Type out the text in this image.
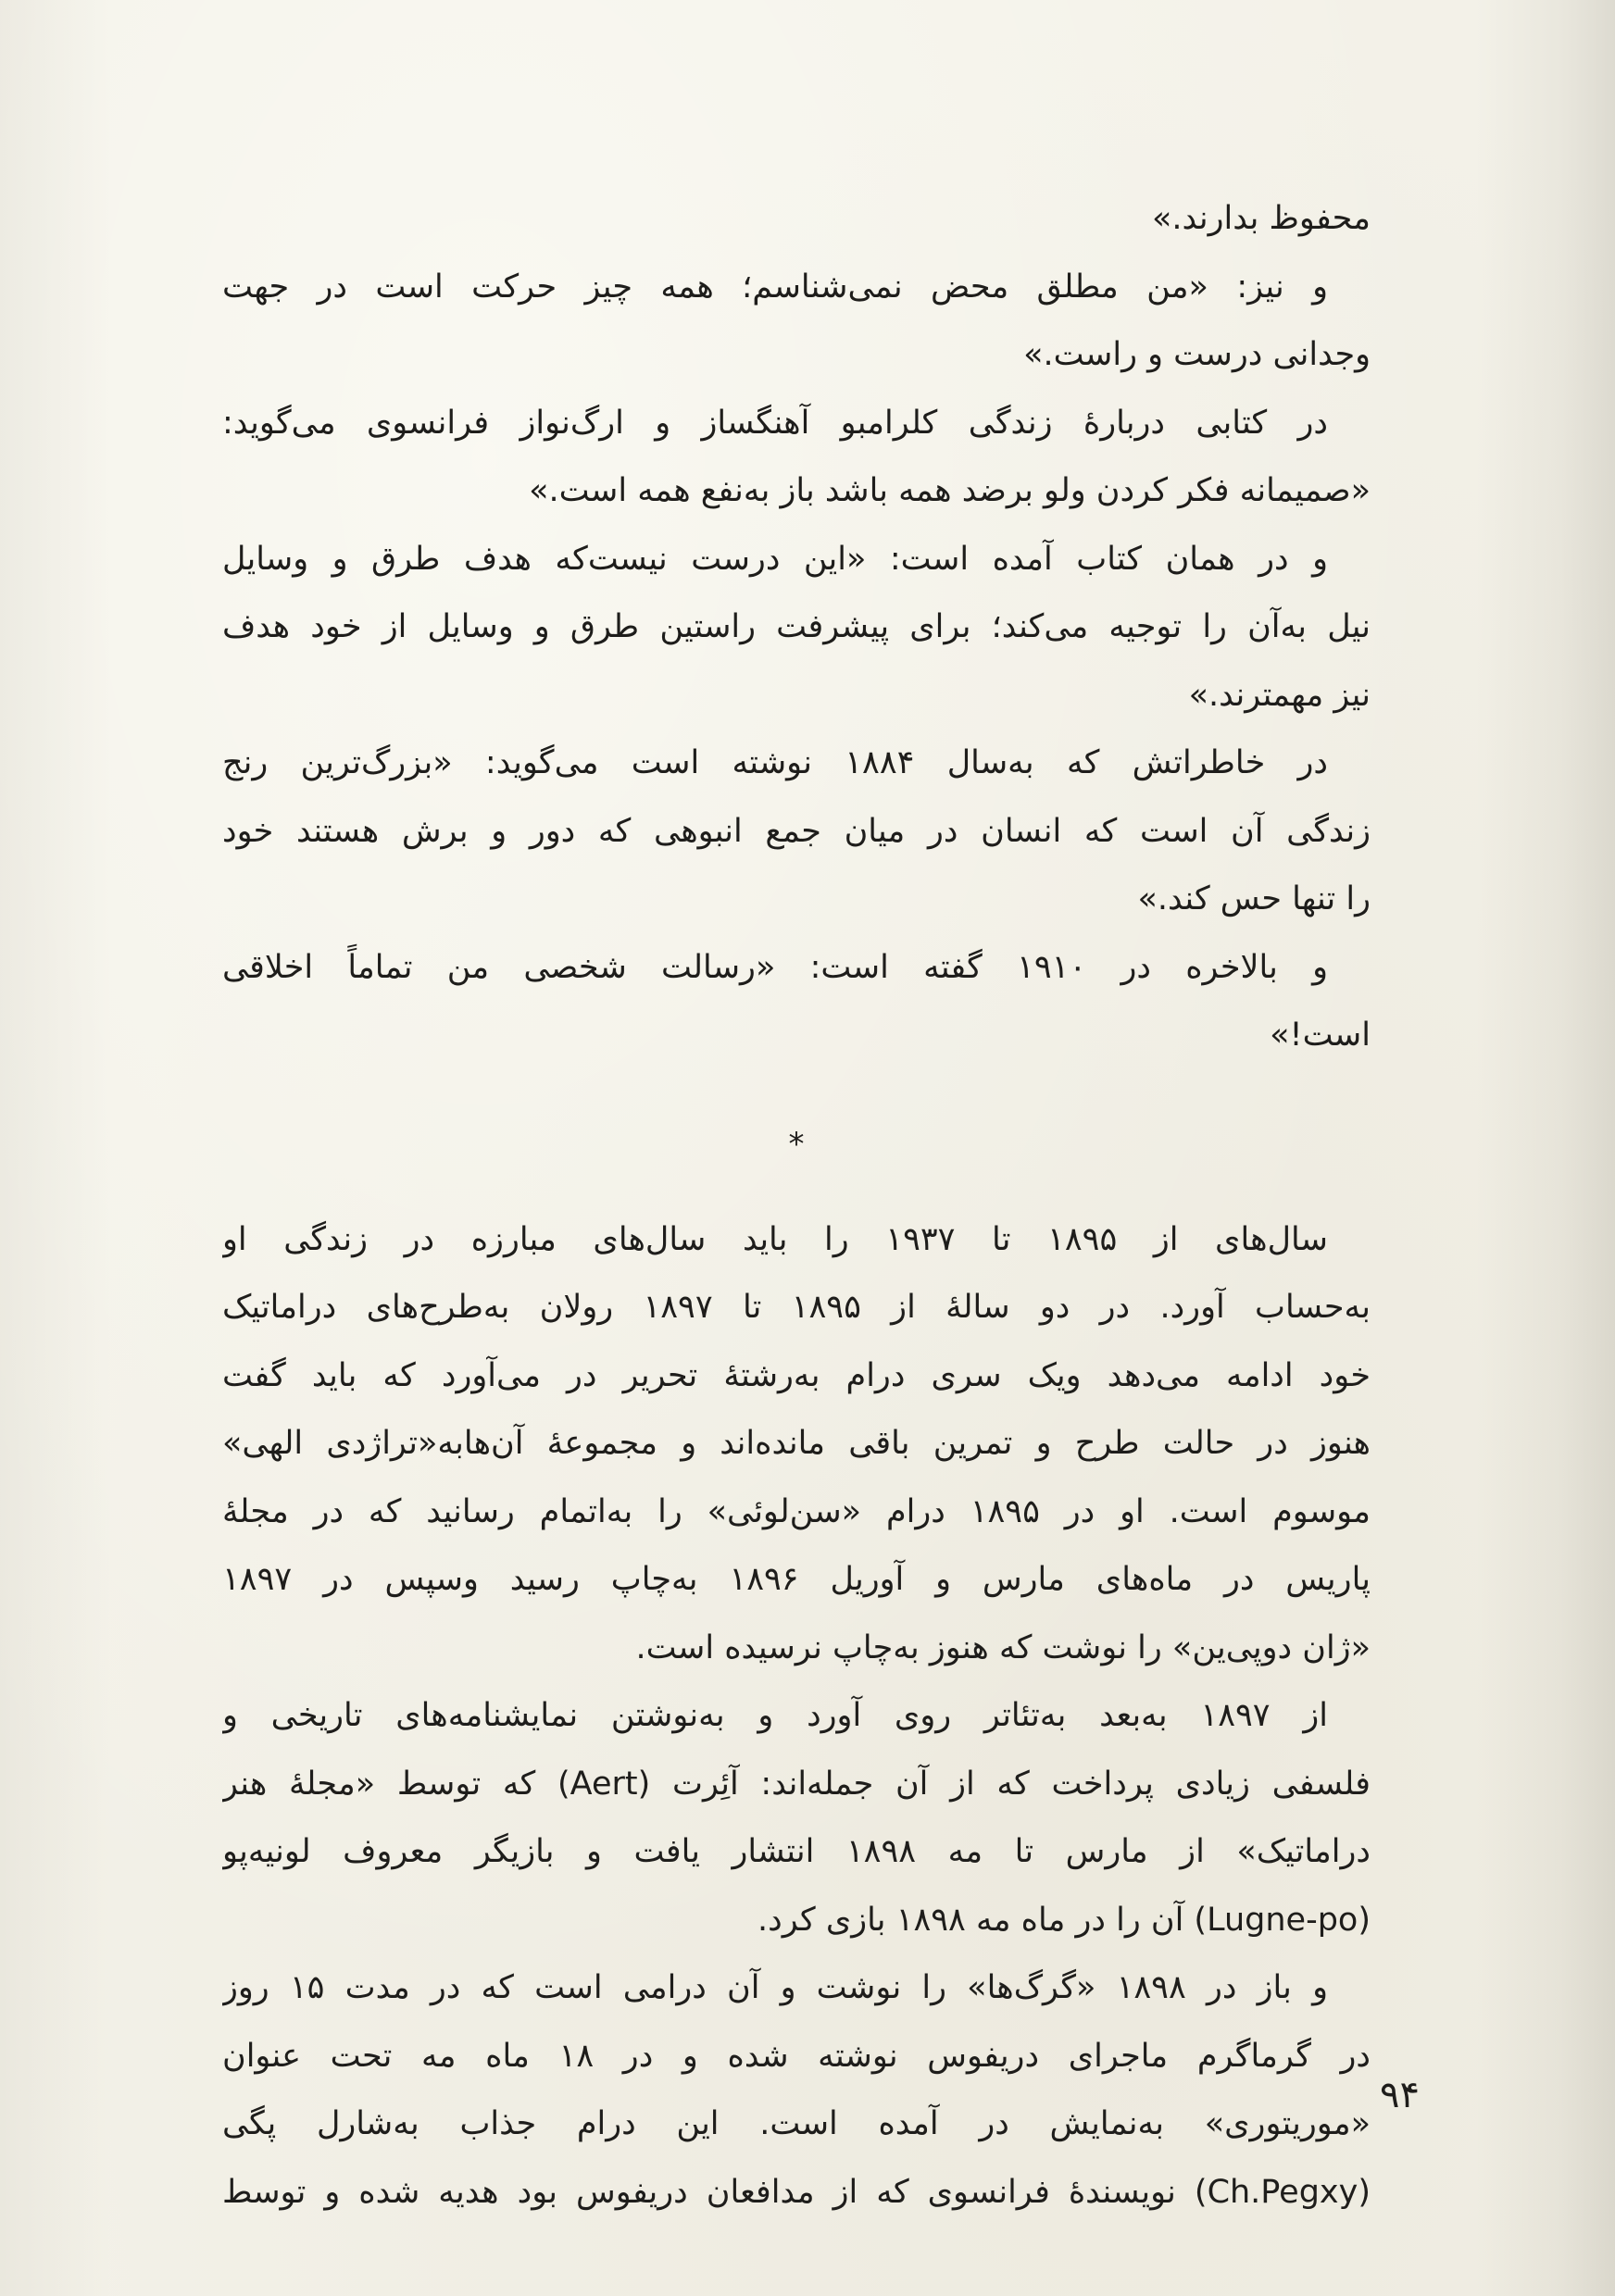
محفوظ بدارند.»
و نیز: «من مطلق محض نمی‌شناسم؛ همه چیز حرکت است در جهت
وجدانی درست و راست.»
در کتابی دربارهٔ زندگی کلرامبو آهنگساز و ارگ‌نواز فرانسوی می‌گوید:
«صمیمانه فکر کردن ولو برضد همه باشد باز به‌نفع همه است.»
و در همان کتاب آمده است: «این درست نیست‌که هدف طرق و وسایل
نیل به‌آن را توجیه می‌کند؛ برای پیشرفت راستین طرق و وسایل از خود هدف
نیز مهمترند.»
در خاطراتش که به‌سال ۱۸۸۴ نوشته است می‌گوید: «بزرگ‌ترین رنج
زندگی آن است که انسان در میان جمع انبوهی که دور و برش هستند خود
را تنها حس کند.»
و بالاخره در ۱۹۱۰ گفته است: «رسالت شخصی من تماماً اخلاقی
است!»
*
سال‌های از ۱۸۹۵ تا ۱۹۳۷ را باید سال‌های مبارزه در زندگی او
به‌حساب آورد. در دو سالهٔ از ۱۸۹۵ تا ۱۸۹۷ رولان به‌طرح‌های دراماتیک
خود ادامه می‌دهد ویک سری درام به‌رشتهٔ تحریر در می‌آورد که باید گفت
هنوز در حالت طرح و تمرین باقی مانده‌اند و مجموعهٔ آن‌ها‌به«تراژدی الهی»
موسوم است. او در ۱۸۹۵ درام «سن‌لوئی» را به‌اتمام رسانید که در مجلهٔ
پاریس در ماه‌های مارس و آوریل ۱۸۹۶ به‌چاپ رسید وسپس در ۱۸۹۷
«ژان دوپی‌ین» را نوشت که هنوز به‌چاپ نرسیده است.
از ۱۸۹۷ به‌بعد به‌تئاتر روی آورد و به‌نوشتن نمایشنامه‌های تاریخی و
فلسفی زیادی پرداخت که از آن جمله‌اند: آئِرت (Aert) که توسط «مجلهٔ هنر
دراماتیک» از مارس تا مه ۱۸۹۸ انتشار یافت و بازیگر معروف لونیه‌پو
(Lugne-po) آن را در ماه مه ۱۸۹۸ بازی کرد.
و باز در ۱۸۹۸ «گرگ‌ها» را نوشت و آن درامی است که در مدت ۱۵ روز
در گرماگرم ماجرای دریفوس نوشته شده و در ۱۸ ماه مه تحت عنوان
«موریتوری» به‌نمایش در آمده است. این درام جذاب به‌شارل پگی
(Ch.Pegxy) نویسندهٔ فرانسوی که از مدافعان دریفوس بود هدیه شده و توسط
۹۴
